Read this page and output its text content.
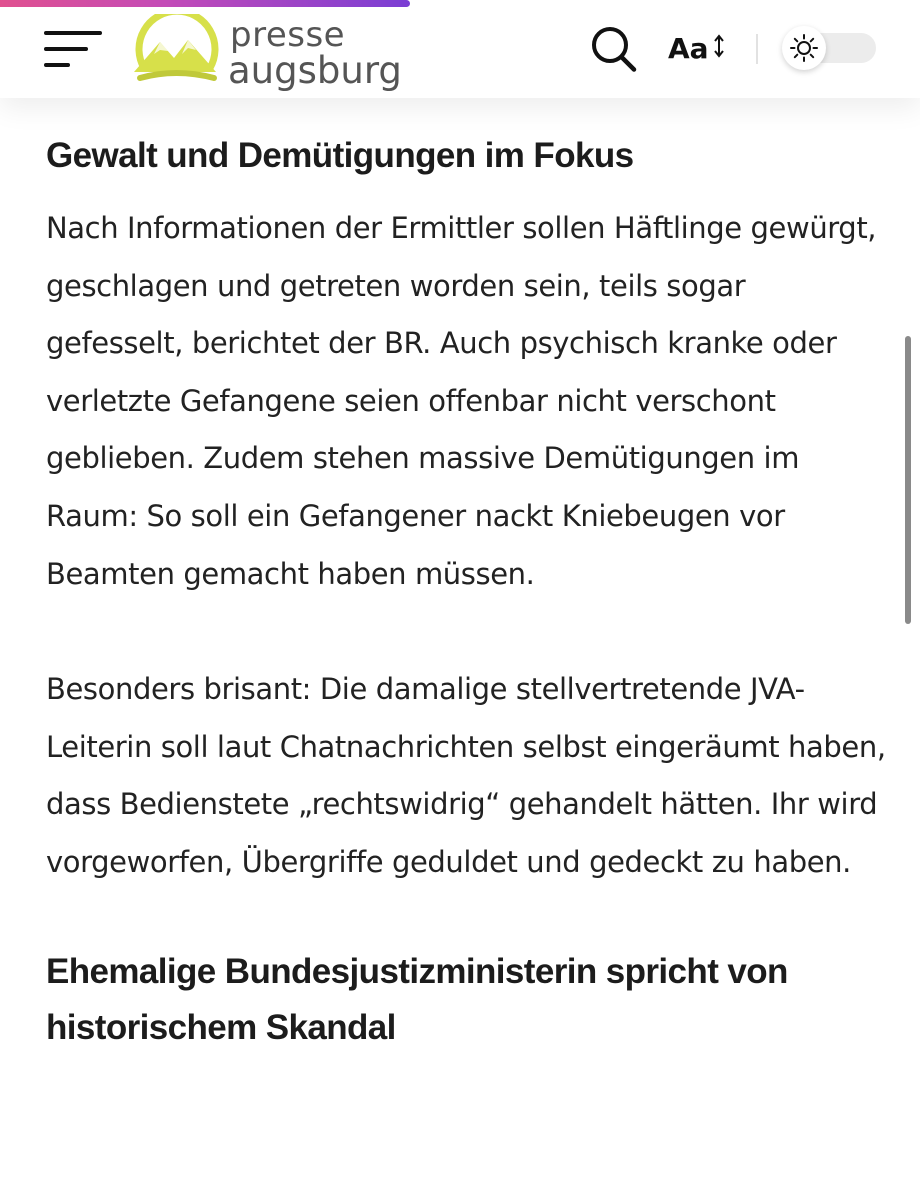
presse
augsburg
Aa
Gewalt und Demütigungen im Fokus

Nach Informationen der Ermittler sollen Häftlinge gewürgt, geschlagen und getreten worden sein, teils sogar gefesselt, berichtet der BR. Auch psychisch kranke oder verletzte Gefangene seien offenbar nicht verschont geblieben. Zudem stehen massive Demütigungen im Raum: So soll ein Gefangener nackt Kniebeugen vor Beamten gemacht haben müssen.

Besonders brisant: Die damalige stellvertretende JVA-Leiterin soll laut Chatnachrichten selbst eingeräumt haben, dass Bedienstete „rechtswidrig“ gehandelt hätten. Ihr wird vorgeworfen, Übergriffe geduldet und gedeckt zu haben.

Ehemalige Bundesjustizministerin spricht von historischem Skandal
